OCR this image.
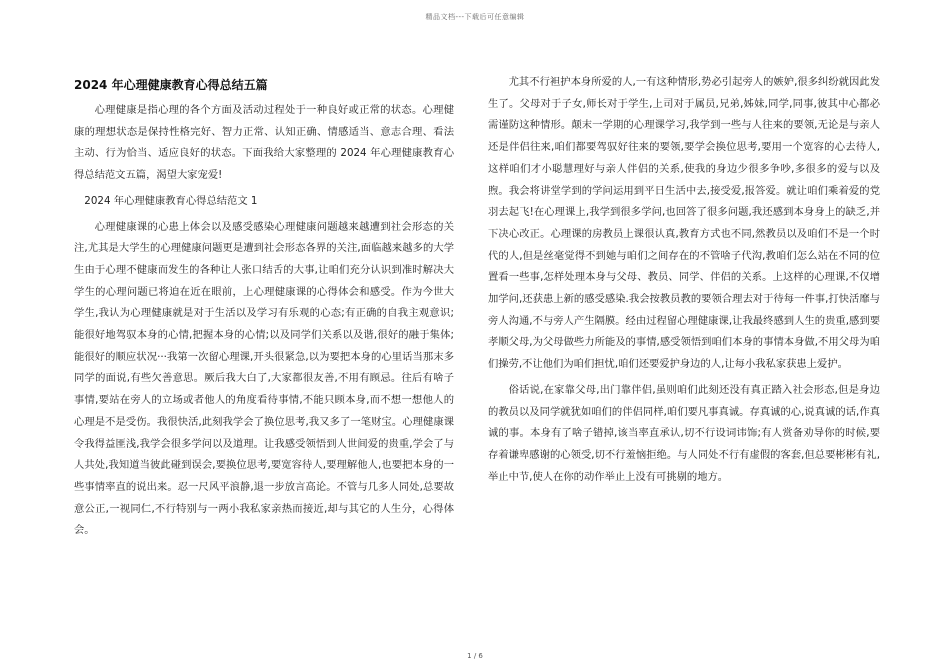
精品文档---下载后可任意编辑
2024 年心理健康教育心得总结五篇

心理健康是指心理的各个方面及活动过程处于一种良好或正常的状态。心理健康的理想状态是保持性格完好、智力正常、认知正确、情感适当、意志合理、看法主动、行为恰当、适应良好的状态。下面我给大家整理的 2024 年心理健康教育心得总结范文五篇，渴望大家宠爱!

2024 年心理健康教育心得总结范文 1

心理健康课的心患上体会以及感受感染心理健康问题越来越遭到社会形态的关注,尤其是大学生的心理健康问题更是遭到社会形态各界的关注,面临越来越多的大学生由于心理不健康而发生的各种让人张口结舌的大事,让咱们充分认识到准时解决大学生的心理问题已将迫在近在眼前，上心理健康课的心得体会和感受。作为今世大学生,我认为心理健康就是对于生活以及学习有乐观的心态;有正确的自我主观意识;能很好地驾驭本身的心情,把握本身的心情;以及同学们关系以及谐,很好的融于集体;能很好的顺应状况···我第一次留心理课,开头很紧急,以为要把本身的心里话当那末多同学的面说,有些欠善意思。厥后我大白了,大家都很友善,不用有顾忌。往后有啥子事情,要站在旁人的立场或者他人的角度看待事情,不能只顾本身,而不想一想他人的心理是不是受伤。我很快活,此刻我学会了换位思考,我又多了一笔财宝。心理健康课令我得益匪浅,我学会很多学问以及道理。让我感受领悟到人世间爱的贵重,学会了与人共处,我知道当彼此碰到误会,要换位思考,要宽容待人,要理解他人,也要把本身的一些事情率直的说出来。忍一尺风平浪静,退一步放言高论。不管与几多人同处,总要故意公正,一视同仁,不行特别与一两小我私家亲热而接近,却与其它的人生分，心得体会。

尤其不行袒护本身所爱的人,一有这种情形,势必引起旁人的嫉妒,很多纠纷就因此发生了。父母对于子女,师长对于学生,上司对于属员,兄弟,姊妹,同学,同事,彼其中心都必需谨防这种情形。颠末一学期的心理课学习,我学到一些与人往来的要领,无论是与亲人还是伴侣往来,咱们都要驾驭好往来的要领,要学会换位思考,要用一个宽容的心去待人,这样咱们才小聪慧理好与亲人伴侣的关系,使我的身边少很多争吵,多很多的爱与以及煦。我会将讲堂学到的学问运用到平日生活中去,接受爱,报答爱。就让咱们乘着爱的党羽去起飞!在心理课上,我学到很多学问,也回答了很多问题,我还感到本身身上的缺乏,并下决心改正。心理课的房教员上课很认真,教育方式也不同,然教员以及咱们不是一个时代的人,但是丝毫觉得不到她与咱们之间存在的不管啥子代沟,教咱们怎么站在不同的位置看一些事,怎样处理本身与父母、教员、同学、伴侣的关系。上这样的心理课,不仅增加学问,还获患上新的感受感染.我会按教员教的要领合理去对于待每一件事,打快活靡与旁人沟通,不与旁人产生隔膜。经由过程留心理健康课,让我最终感到人生的贵重,感到要孝顺父母,为父母做些力所能及的事情,感受领悟到咱们本身的事情本身做,不用父母为咱们操劳,不让他们为咱们担忧,咱们还要爱护身边的人,让每小我私家获患上爱护。

俗话说,在家靠父母,出门靠伴侣,虽则咱们此刻还没有真正踏入社会形态,但是身边的教员以及同学就犹如咱们的伴侣同样,咱们要凡事真诚。存真诚的心,说真诚的话,作真诚的事。本身有了啥子错掉,该当率直承认,切不行设词讳饰;有人赏备劝导你的时候,要存着谦卑感谢的心领受,切不行羞恼拒绝。与人同处不行有虚假的客套,但总要彬彬有礼,举止中节,使人在你的动作举止上没有可挑剔的地方。

1 / 6
